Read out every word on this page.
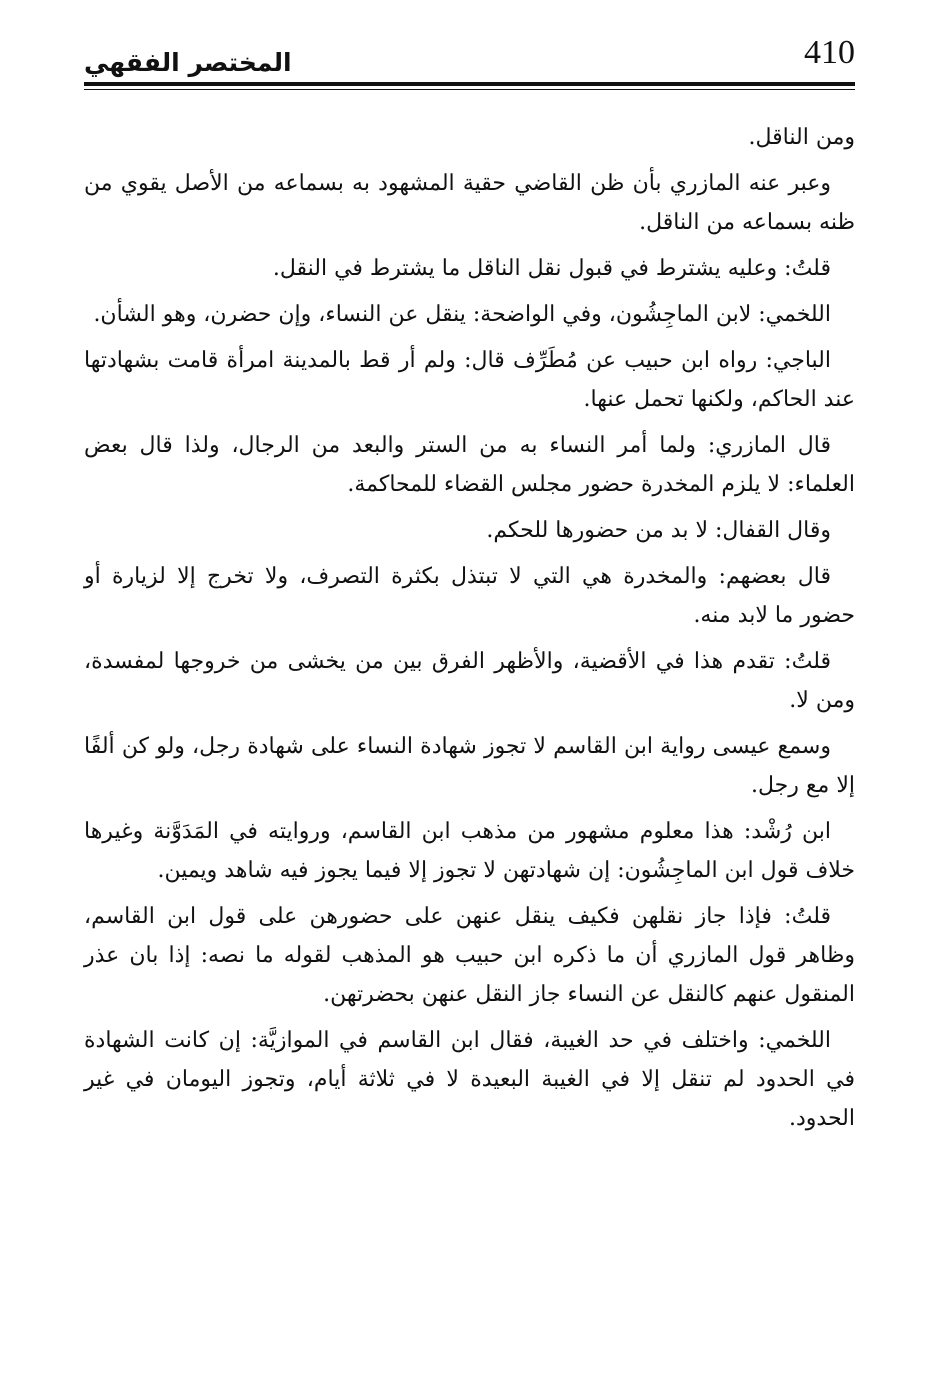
410
المختصر الفقهي

ومن الناقل.

وعبر عنه المازري بأن ظن القاضي حقية المشهود به بسماعه من الأصل يقوي من ظنه بسماعه من الناقل.

قلتُ: وعليه يشترط في قبول نقل الناقل ما يشترط في النقل.

اللخمي: لابن الماجِشُون، وفي الواضحة: ينقل عن النساء، وإن حضرن، وهو الشأن.

الباجي: رواه ابن حبيب عن مُطَرِّف قال: ولم أر قط بالمدينة امرأة قامت بشهادتها عند الحاكم، ولكنها تحمل عنها.

قال المازري: ولما أمر النساء به من الستر والبعد من الرجال، ولذا قال بعض العلماء: لا يلزم المخدرة حضور مجلس القضاء للمحاكمة.

وقال القفال: لا بد من حضورها للحكم.

قال بعضهم: والمخدرة هي التي لا تبتذل بكثرة التصرف، ولا تخرج إلا لزيارة أو حضور ما لابد منه.

قلتُ: تقدم هذا في الأقضية، والأظهر الفرق بين من يخشى من خروجها لمفسدة، ومن لا.

وسمع عيسى رواية ابن القاسم لا تجوز شهادة النساء على شهادة رجل، ولو كن ألفًا إلا مع رجل.

ابن رُشْد: هذا معلوم مشهور من مذهب ابن القاسم، وروايته في المَدَوَّنة وغيرها خلاف قول ابن الماجِشُون: إن شهادتهن لا تجوز إلا فيما يجوز فيه شاهد ويمين.

قلتُ: فإذا جاز نقلهن فكيف ينقل عنهن على حضورهن على قول ابن القاسم، وظاهر قول المازري أن ما ذكره ابن حبيب هو المذهب لقوله ما نصه: إذا بان عذر المنقول عنهم كالنقل عن النساء جاز النقل عنهن بحضرتهن.

اللخمي: واختلف في حد الغيبة، فقال ابن القاسم في الموازيَّة: إن كانت الشهادة في الحدود لم تنقل إلا في الغيبة البعيدة لا في ثلاثة أيام، وتجوز اليومان في غير الحدود.
